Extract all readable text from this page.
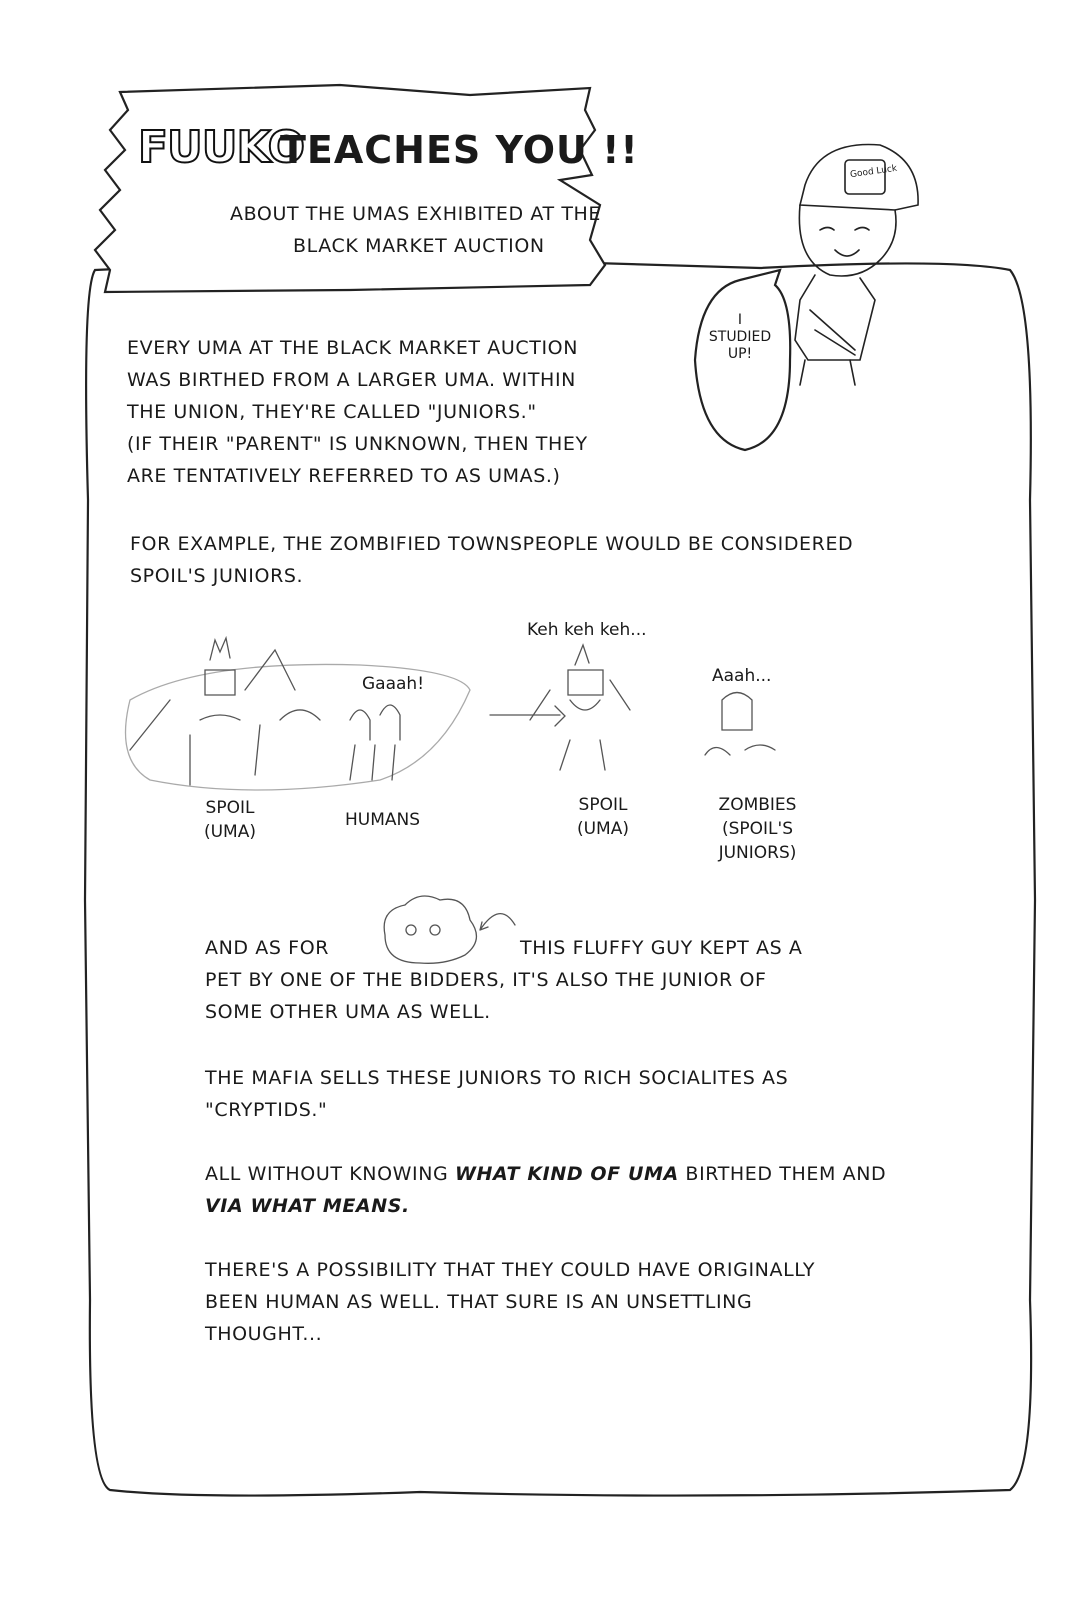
FUUKO
TEACHES YOU !!
ABOUT THE UMAS EXHIBITED AT THE
BLACK MARKET AUCTION
I
STUDIED
UP!
Good Luck
EVERY UMA AT THE BLACK MARKET AUCTION
WAS BIRTHED FROM A LARGER UMA. WITHIN
THE UNION, THEY'RE CALLED "JUNIORS."
(IF THEIR "PARENT" IS UNKNOWN, THEN THEY
ARE TENTATIVELY REFERRED TO AS UMAS.)
FOR EXAMPLE, THE ZOMBIFIED TOWNSPEOPLE WOULD BE CONSIDERED
SPOIL'S JUNIORS.
Keh keh keh...
Gaaah!	Aaah...
SPOIL
(UMA)
HUMANS
SPOIL
(UMA)
ZOMBIES
(SPOIL'S
JUNIORS)
AND AS FOR	THIS FLUFFY GUY KEPT AS A
PET BY ONE OF THE BIDDERS, IT'S ALSO THE JUNIOR OF
SOME OTHER UMA AS WELL.
THE MAFIA SELLS THESE JUNIORS TO RICH SOCIALITES AS
"CRYPTIDS."
ALL WITHOUT KNOWING WHAT KIND OF UMA BIRTHED THEM AND
VIA WHAT MEANS.
THERE'S A POSSIBILITY THAT THEY COULD HAVE ORIGINALLY
BEEN HUMAN AS WELL. THAT SURE IS AN UNSETTLING
THOUGHT...
